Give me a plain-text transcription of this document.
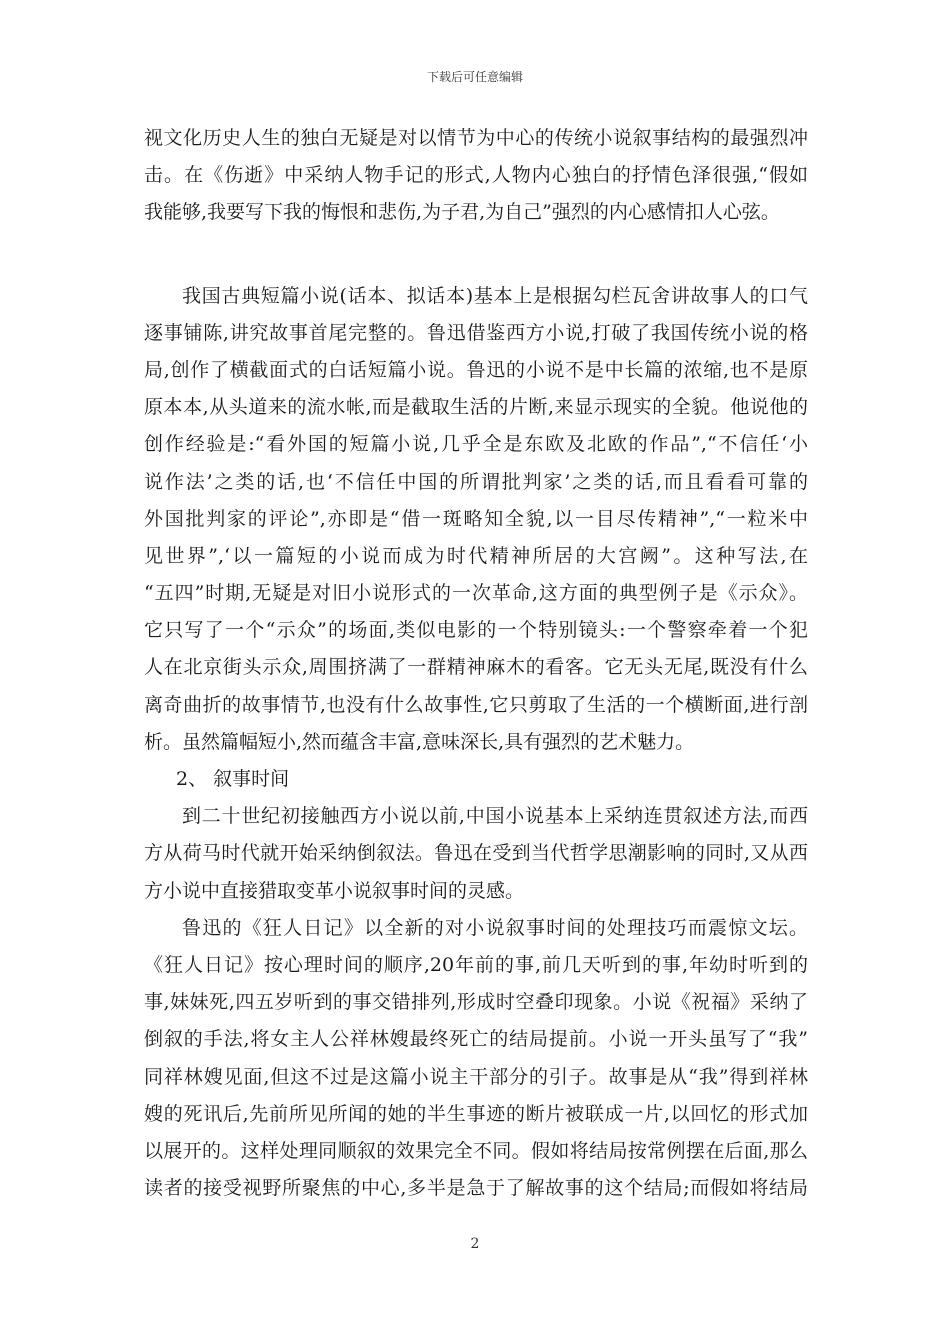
下载后可任意编辑
视文化历史人生的独白无疑是对以情节为中心的传统小说叙事结构的最强烈冲
击。在《伤逝》中采纳人物手记的形式,人物内心独白的抒情色泽很强,“假如
我能够,我要写下我的悔恨和悲伤,为子君,为自己”强烈的内心感情扣人心弦。
我国古典短篇小说(话本、拟话本)基本上是根据勾栏瓦舍讲故事人的口气
逐事铺陈,讲究故事首尾完整的。鲁迅借鉴西方小说,打破了我国传统小说的格
局,创作了横截面式的白话短篇小说。鲁迅的小说不是中长篇的浓缩,也不是原
原本本,从头道来的流水帐,而是截取生活的片断,来显示现实的全貌。他说他的
创作经验是:“看外国的短篇小说,几乎全是东欧及北欧的作品”,“不信任‘小
说作法’之类的话,也‘不信任中国的所谓批判家’之类的话,而且看看可靠的
外国批判家的评论”,亦即是“借一斑略知全貌,以一目尽传精神”,“一粒米中
见世界”,‘以一篇短的小说而成为时代精神所居的大宫阙”。这种写法,在
“五四”时期,无疑是对旧小说形式的一次革命,这方面的典型例子是《示众》。
它只写了一个“示众”的场面,类似电影的一个特别镜头:一个警察牵着一个犯
人在北京街头示众,周围挤满了一群精神麻木的看客。它无头无尾,既没有什么
离奇曲折的故事情节,也没有什么故事性,它只剪取了生活的一个横断面,进行剖
析。虽然篇幅短小,然而蕴含丰富,意味深长,具有强烈的艺术魅力。
2、 叙事时间
到二十世纪初接触西方小说以前,中国小说基本上采纳连贯叙述方法,而西
方从荷马时代就开始采纳倒叙法。鲁迅在受到当代哲学思潮影响的同时,又从西
方小说中直接猎取变革小说叙事时间的灵感。
鲁迅的《狂人日记》以全新的对小说叙事时间的处理技巧而震惊文坛。
《狂人日记》按心理时间的顺序,20年前的事,前几天听到的事,年幼时听到的
事,妹妹死,四五岁听到的事交错排列,形成时空叠印现象。小说《祝福》采纳了
倒叙的手法,将女主人公祥林嫂最终死亡的结局提前。小说一开头虽写了“我”
同祥林嫂见面,但这不过是这篇小说主干部分的引子。故事是从“我”得到祥林
嫂的死讯后,先前所见所闻的她的半生事迹的断片被联成一片,以回忆的形式加
以展开的。这样处理同顺叙的效果完全不同。假如将结局按常例摆在后面,那么
读者的接受视野所聚焦的中心,多半是急于了解故事的这个结局;而假如将结局
2
